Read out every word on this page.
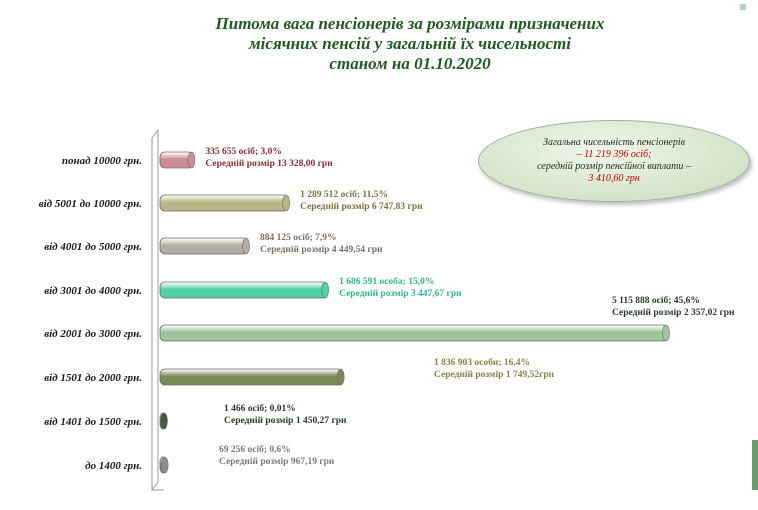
Питома вага пенсіонерів за розмірами призначених
місячних пенсій у загальній їх чисельності
станом на 01.10.2020
понад 10000 грн.
335 655 осіб; 3,0%
Середній розмір 13 328,00 грн
від 5001 до 10000 грн.
1 289 512 осіб; 11,5%
Середній розмір 6 747,83 грн
від 4001 до 5000 грн.
884 125 осіб; 7,9%
Середній розмір 4 449,54 грн
від 3001 до 4000 грн.
1 686 591 особа; 15,0%
Середній розмір 3 447,67 грн
від 2001 до 3000 грн.
5 115 888 осіб; 45,6%
Середній розмір 2 357,02 грн
від 1501 до 2000 грн.
1 836 903 особи; 16,4%
Середній розмір 1 749,52грн
від 1401 до 1500 грн.
1 466 осіб; 0,01%
Середній розмір 1 450,27 грн
до 1400 грн.
69 256 осіб; 0,6%
Середній розмір 967,19 грн
Загальна чисельність пенсіонерів
– 11 219 396 осіб;
середній розмір пенсійної виплати –
3 410,60 грн
